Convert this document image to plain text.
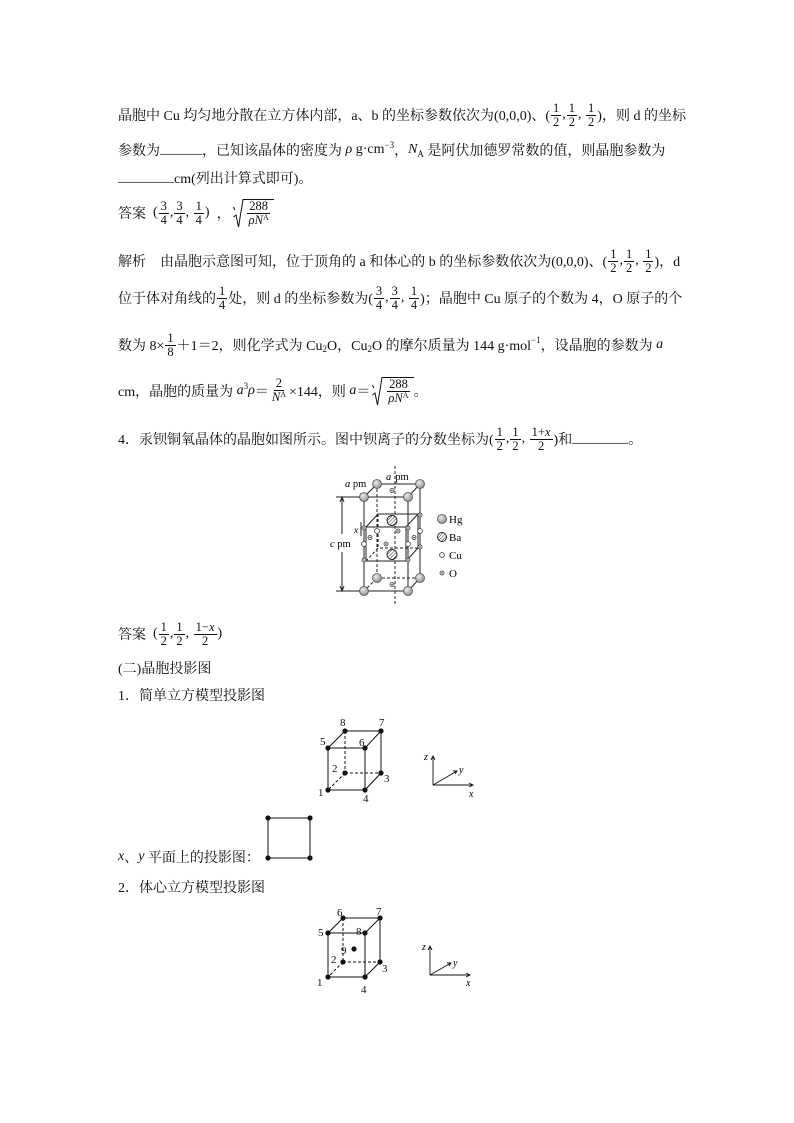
晶胞中 Cu 均匀地分散在立方体内部，a、b 的坐标参数依次为(0,0,0)、( $\frac{1}{2}$ , $\frac{1}{2}$ , $\frac{1}{2}$ )，则 d 的坐标
参数为 ______ ，已知该晶体的密度为 ρ g·cm −3 ， N A 是阿伏加德罗常数的值，则晶胞参数为
________ cm(列出计算式即可)。
答案 ( $\frac{3}{4}$ , $\frac{3}{4}$ , $\frac{1}{4}$ ) ， $\frac{288}{\rho N^A}$
解析　由晶胞示意图可知，位于顶角的 a 和体心的 b 的坐标参数依次为(0,0,0)、( $\frac{1}{2}$ , $\frac{1}{2}$ , $\frac{1}{2}$ )，d
位于体对角线的 $\frac{1}{4}$ 处，则 d 的坐标参数为( $\frac{3}{4}$ , $\frac{3}{4}$ , $\frac{1}{4}$ )；晶胞中 Cu 原子的个数为 4，O 原子的个
数为 $8\times \frac{1}{8} +1=2$，则化学式为 Cu 2 O，Cu 2 O 的摩尔质量为 144 g·mol −1 ，设晶胞的参数为 a
cm，晶胞的质量为 a 3 $\rho = \frac{2}{N^A} \times 144$，则 $a = \frac{288}{\rho N^A}$ 。
4．汞钡铜氧晶体的晶胞如图所示。图中钡离子的分数坐标为( $\frac{1}{2}$ , $\frac{1}{2}$ , $\frac{1+x}{2}$ )和 ________ 。
a pm
a pm
c pm
x
Hg
Ba
Cu
O
答案 ( $\frac{1}{2}$ , $\frac{1}{2}$ , $\frac{1-x}{2}$ )
(二)晶胞投影图
1．简单立方模型投影图
1
2
3
4
5	6
7
8
z
y
x
x 、 y 平面上的投影图：
2．体心立方模型投影图
1
2
3
4
5
6	7
8
9	z
y
x
